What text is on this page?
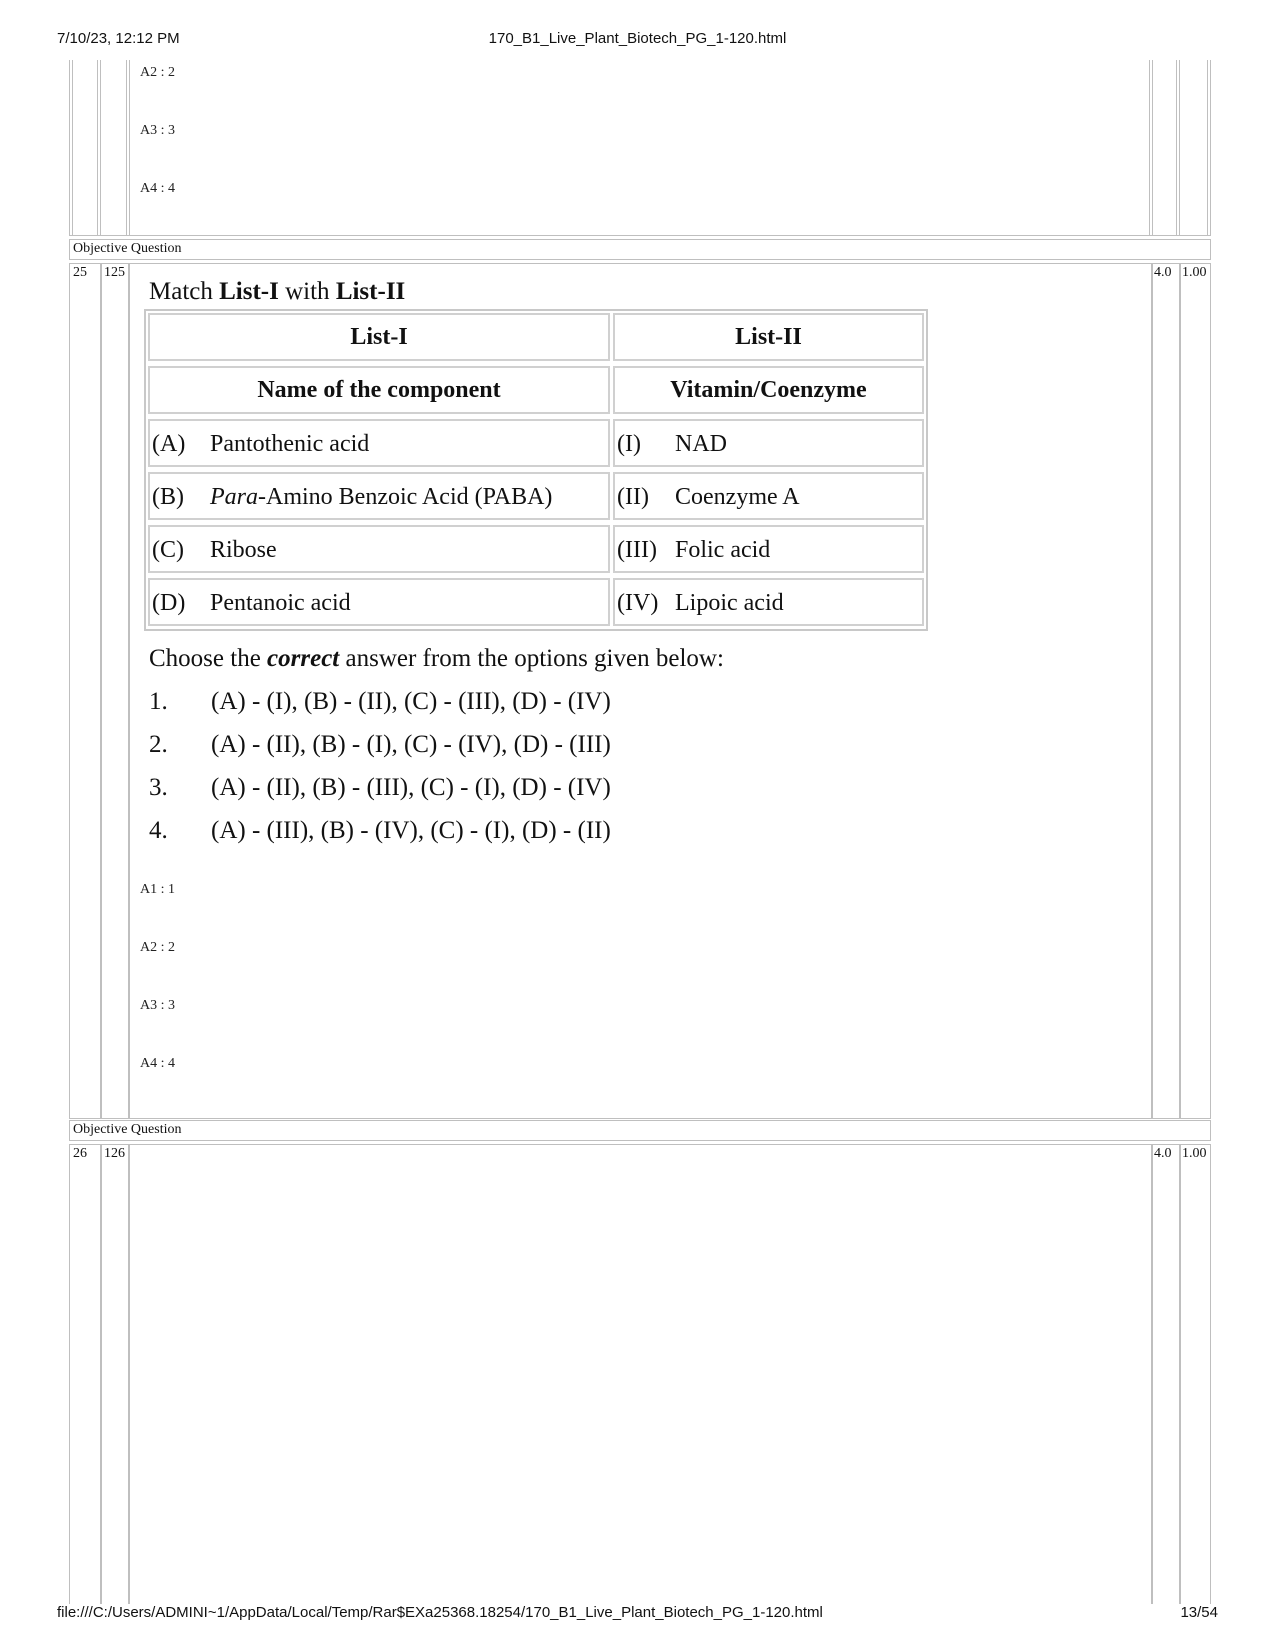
7/10/23, 12:12 PM	170_B1_Live_Plant_Biotech_PG_1-120.html
file:///C:/Users/ADMINI~1/AppData/Local/Temp/Rar$EXa25368.18254/170_B1_Live_Plant_Biotech_PG_1-120.html	13/54
A2 : 2
A3 : 3
A4 : 4
Objective Question
25 125	4.0 1.00
Match List-I with List-II
List-I	List-II
Name of the component	Vitamin/Coenzyme
(A) Pantothenic acid	(I) NAD
(B) Para-Amino Benzoic Acid (PABA)	(II) Coenzyme A
(C) Ribose	(III) Folic acid
(D) Pentanoic acid	(IV) Lipoic acid
Choose the correct answer from the options given below:
1. (A) - (I), (B) - (II), (C) - (III), (D) - (IV)
2. (A) - (II), (B) - (I), (C) - (IV), (D) - (III)
3. (A) - (II), (B) - (III), (C) - (I), (D) - (IV)
4. (A) - (III), (B) - (IV), (C) - (I), (D) - (II)
A1 : 1
A2 : 2
A3 : 3
A4 : 4
Objective Question
26 126	4.0 1.00
